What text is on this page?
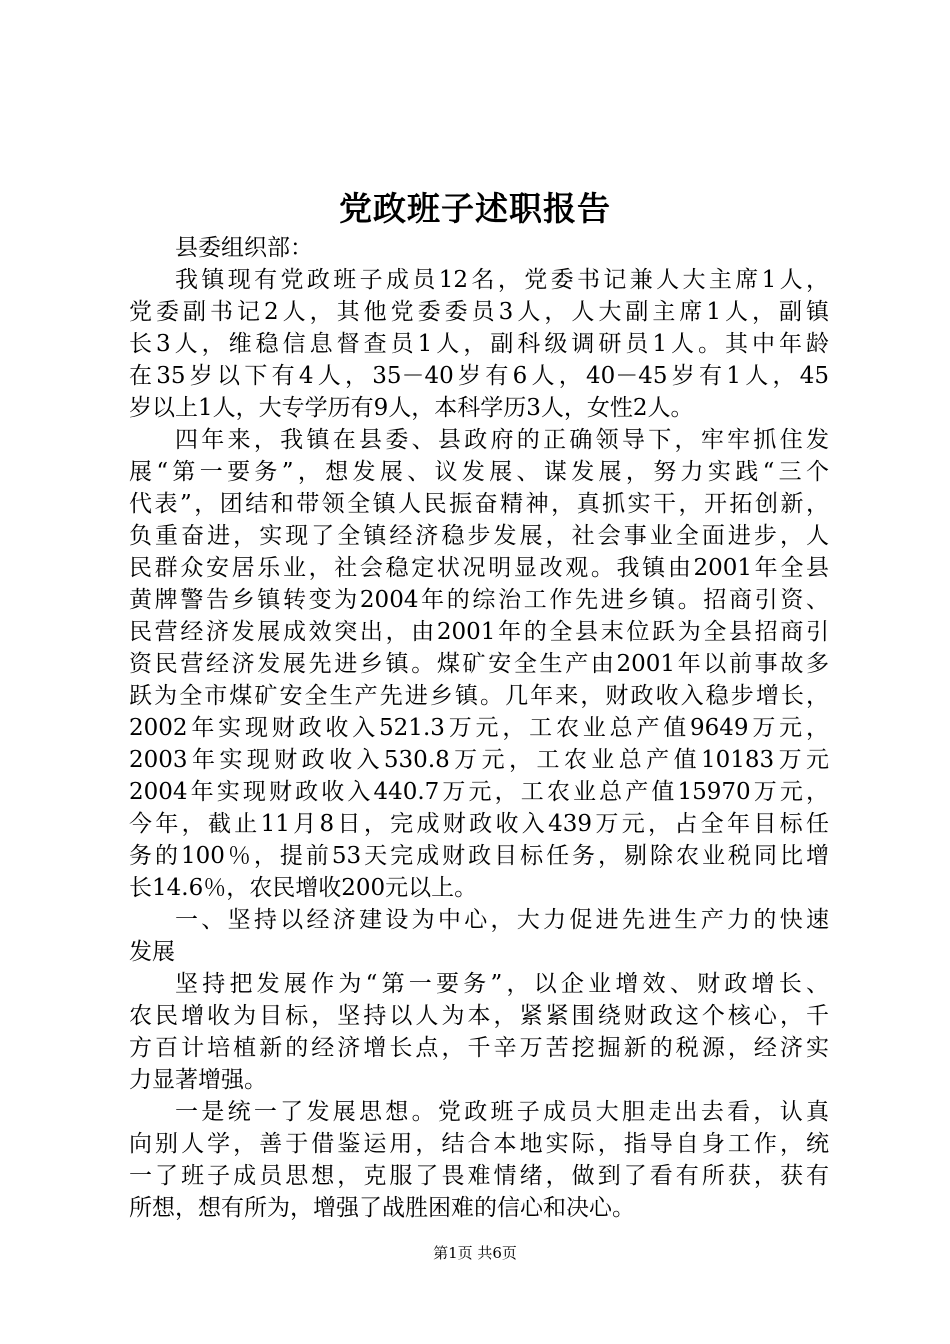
党政班子述职报告
县委组织部：
我镇现有党政班子成员12名，党委书记兼人大主席1人，
党委副书记2人，其他党委委员3人，人大副主席1人，副镇
长3人，维稳信息督查员1人，副科级调研员1人。其中年龄
在35岁以下有4人，35－40岁有6人，40－45岁有1人，45
岁以上1人，大专学历有9人，本科学历3人，女性2人。
四年来，我镇在县委、县政府的正确领导下，牢牢抓住发
展“第一要务”，想发展、议发展、谋发展，努力实践“三个
代表”，团结和带领全镇人民振奋精神，真抓实干，开拓创新，
负重奋进，实现了全镇经济稳步发展，社会事业全面进步，人
民群众安居乐业，社会稳定状况明显改观。我镇由2001年全县
黄牌警告乡镇转变为2004年的综治工作先进乡镇。招商引资、
民营经济发展成效突出，由2001年的全县末位跃为全县招商引
资民营经济发展先进乡镇。煤矿安全生产由2001年以前事故多
跃为全市煤矿安全生产先进乡镇。几年来，财政收入稳步增长，
2002年实现财政收入521.3万元，工农业总产值9649万元，
2003年实现财政收入530.8万元，工农业总产值10183万元
2004年实现财政收入440.7万元，工农业总产值15970万元，
今年，截止11月8日，完成财政收入439万元，占全年目标任
务的100％，提前53天完成财政目标任务，剔除农业税同比增
长14.6％，农民增收200元以上。
一、坚持以经济建设为中心，大力促进先进生产力的快速
发展
坚持把发展作为“第一要务”，以企业增效、财政增长、
农民增收为目标，坚持以人为本，紧紧围绕财政这个核心，千
方百计培植新的经济增长点，千辛万苦挖掘新的税源，经济实
力显著增强。
一是统一了发展思想。党政班子成员大胆走出去看，认真
向别人学，善于借鉴运用，结合本地实际，指导自身工作，统
一了班子成员思想，克服了畏难情绪，做到了看有所获，获有
所想，想有所为，增强了战胜困难的信心和决心。
第1页 共6页
